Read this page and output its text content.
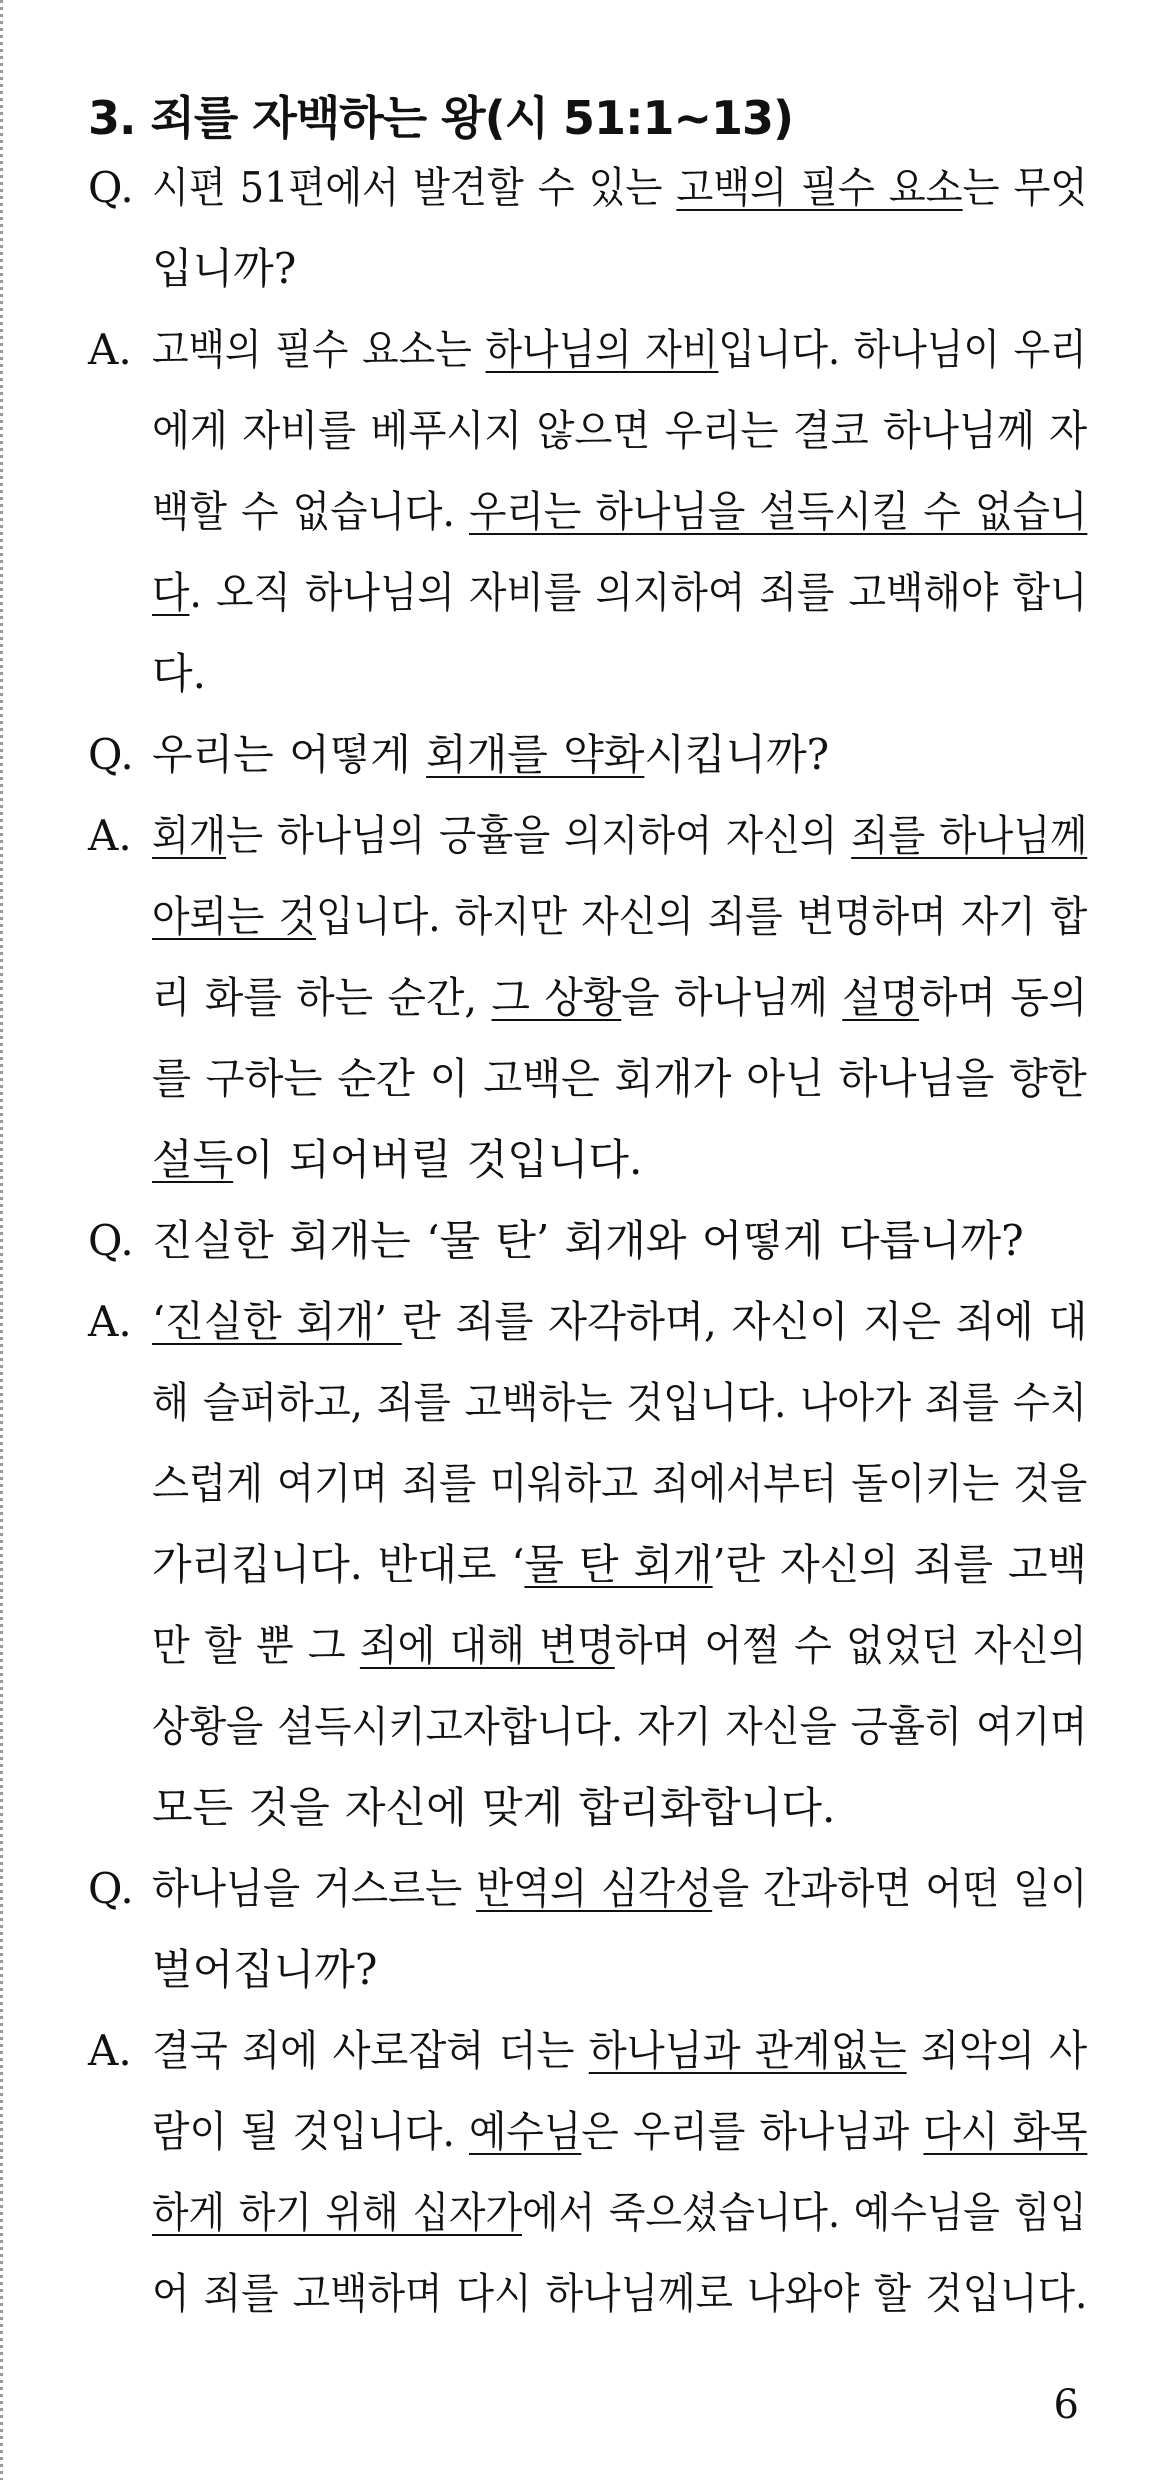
3. 죄를 자백하는 왕(시 51:1~13)
Q. 시편 51편에서 발견할 수 있는 고백의 필수 요소는 무엇
입니까?
A. 고백의 필수 요소는 하나님의 자비입니다. 하나님이 우리
에게 자비를 베푸시지 않으면 우리는 결코 하나님께 자
백할 수 없습니다. 우리는 하나님을 설득시킬 수 없습니
다. 오직 하나님의 자비를 의지하여 죄를 고백해야 합니
다.
Q. 우리는 어떻게 회개를 약화시킵니까?
A. 회개는 하나님의 긍휼을 의지하여 자신의 죄를 하나님께
아뢰는 것입니다. 하지만 자신의 죄를 변명하며 자기 합
리 화를 하는 순간, 그 상황을 하나님께 설명하며 동의
를 구하는 순간 이 고백은 회개가 아닌 하나님을 향한
설득이 되어버릴 것입니다.
Q. 진실한 회개는 ‘물 탄’ 회개와 어떻게 다릅니까?
A. ‘진실한 회개’ 란 죄를 자각하며, 자신이 지은 죄에 대
해 슬퍼하고, 죄를 고백하는 것입니다. 나아가 죄를 수치
스럽게 여기며 죄를 미워하고 죄에서부터 돌이키는 것을
가리킵니다. 반대로 ‘물 탄 회개’란 자신의 죄를 고백
만 할 뿐 그 죄에 대해 변명하며 어쩔 수 없었던 자신의
상황을 설득시키고자합니다. 자기 자신을 긍휼히 여기며
모든 것을 자신에 맞게 합리화합니다.
Q. 하나님을 거스르는 반역의 심각성을 간과하면 어떤 일이
벌어집니까?
A. 결국 죄에 사로잡혀 더는 하나님과 관계없는 죄악의 사
람이 될 것입니다. 예수님은 우리를 하나님과 다시 화목
하게 하기 위해 십자가에서 죽으셨습니다. 예수님을 힘입
어 죄를 고백하며 다시 하나님께로 나와야 할 것입니다.
6
